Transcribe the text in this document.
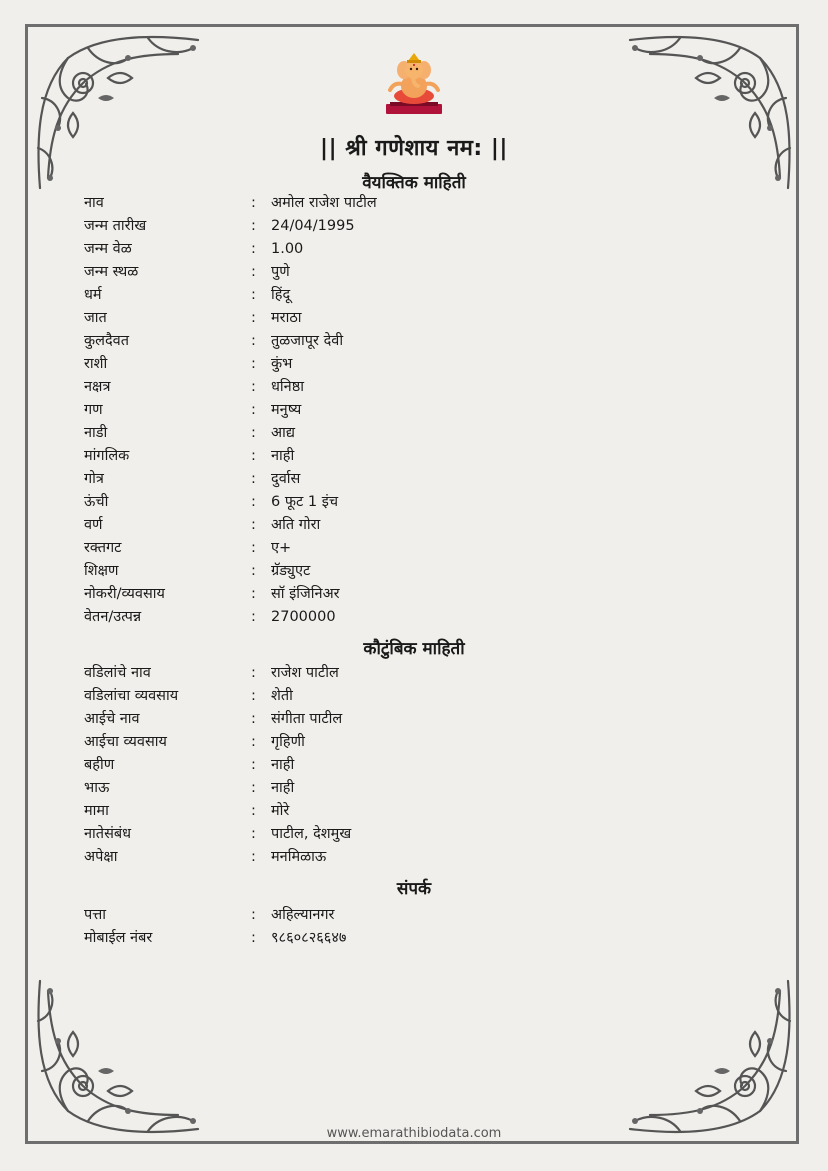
|| श्री गणेशाय नम: ||
वैयक्तिक माहिती
नाव	: अमोल राजेश पाटील
जन्म तारीख	: 24/04/1995
जन्म वेळ	: 1.00
जन्म स्थळ	: पुणे
धर्म	: हिंदू
जात	: मराठा
कुलदैवत	: तुळजापूर देवी
राशी	: कुंभ
नक्षत्र	: धनिष्ठा
गण	: मनुष्य
नाडी	: आद्य
मांगलिक	: नाही
गोत्र	: दुर्वास
ऊंची	: 6 फूट 1 इंच
वर्ण	: अति गोरा
रक्तगट	: ए+
शिक्षण	: ग्रॅड्युएट
नोकरी/व्यवसाय	: सॉ इंजिनिअर
वेतन/उत्पन्न	: 2700000
कौटुंबिक माहिती
वडिलांचे नाव	: राजेश पाटील
वडिलांचा व्यवसाय	: शेती
आईचे नाव	: संगीता पाटील
आईचा व्यवसाय	: गृहिणी
बहीण	: नाही
भाऊ	: नाही
मामा	: मोरे
नातेसंबंध	: पाटील, देशमुख
अपेक्षा	: मनमिळाऊ
संपर्क
पत्ता	: अहिल्यानगर
मोबाईल नंबर	: ९८६०८२६६४७
www.emarathibiodata.com
